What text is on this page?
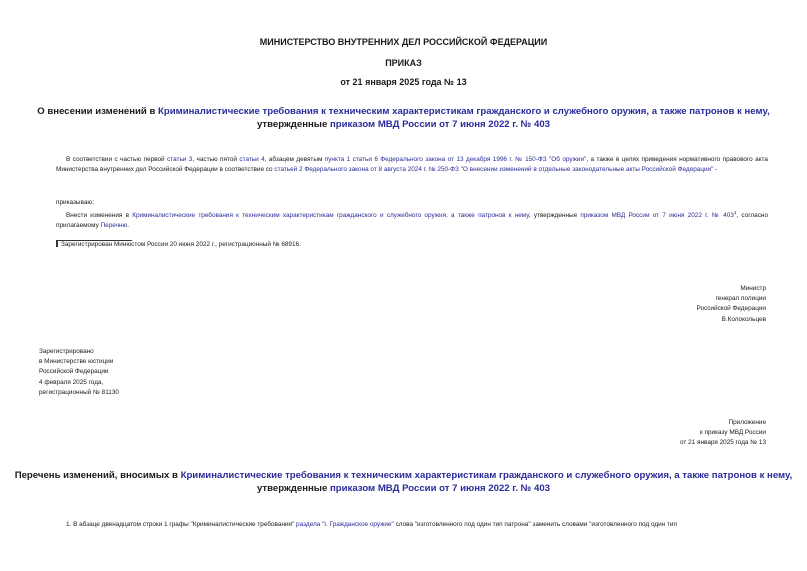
МИНИСТЕРСТВО ВНУТРЕННИХ ДЕЛ РОССИЙСКОЙ ФЕДЕРАЦИИ
ПРИКАЗ
от 21 января 2025 года № 13
О внесении изменений в Криминалистические требования к техническим характеристикам гражданского и служебного оружия, а также патронов к нему,
утвержденные приказом МВД России от 7 июня 2022 г. № 403
В соответствии с частью первой статьи 3, частью пятой статьи 4, абзацем девятым пункта 1 статьи 6 Федерального закона от 13 декабря 1996 г. № 150-ФЗ "Об оружии", а также в целях приведения нормативного правового акта Министерства внутренних дел Российской Федерации в соответствие со статьей 2 Федерального закона от 8 августа 2024 г. № 250-ФЗ "О внесении изменений в отдельные законодательные акты Российской Федерации" -
приказываю:
Внести изменения в Криминалистические требования к техническим характеристикам гражданского и служебного оружия, а также патронов к нему, утвержденные приказом МВД России от 7 июня 2022 г. № $403^1$, согласно прилагаемому Перечню.
Зарегистрирован Минюстом России 20 июня 2022 г., регистрационный № 68916.
Министр
генерал полиции
Российской Федерации
В.Колокольцев
Зарегистрировано
в Министерстве юстиции
Российской Федерации
4 февраля 2025 года,
регистрационный № 81130
Приложение
к приказу МВД России
от 21 января 2025 года № 13
Перечень изменений, вносимых в Криминалистические требования к техническим характеристикам гражданского и служебного оружия, а также патронов к нему,
утвержденные приказом МВД России от 7 июня 2022 г. № 403
1. В абзаце двенадцатом строки 1 графы "Криминалистические требования" раздела "I. Гражданское оружие" слова "изготовленного под один тип патрона" заменить словами "изготовленного под один тип
